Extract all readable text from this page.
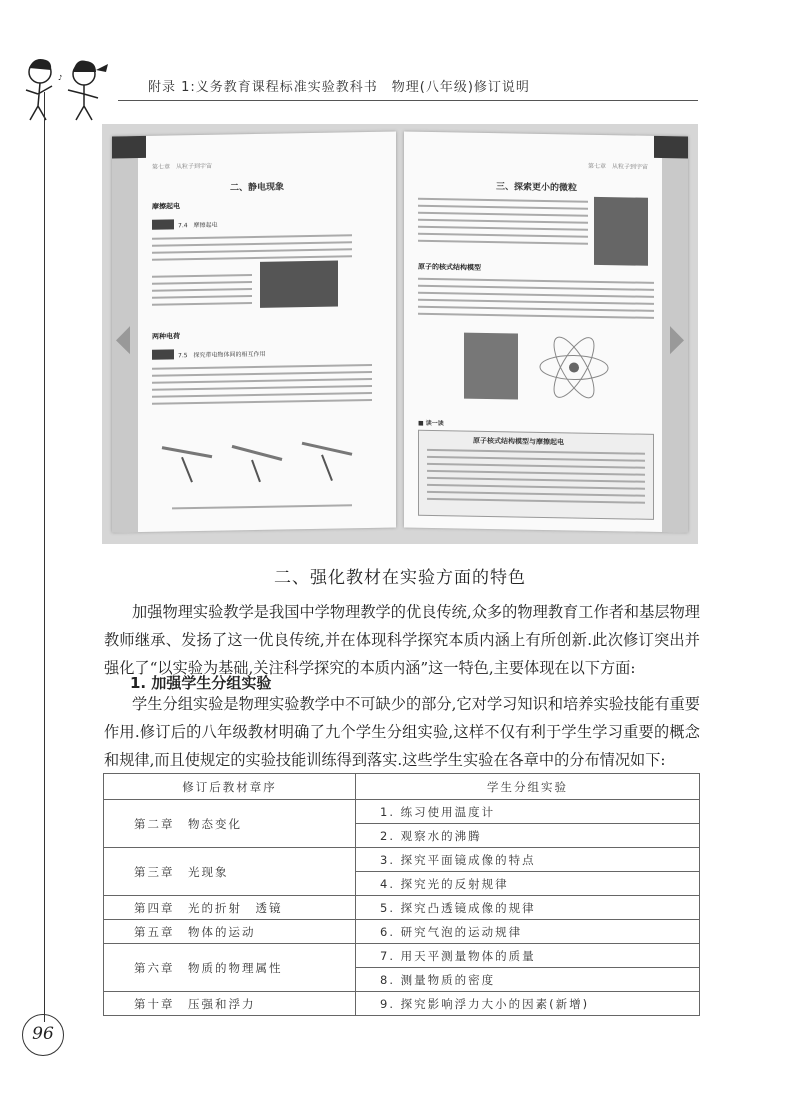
♪
附录 1:义务教育课程标准实验教科书　物理(八年级)修订说明
第七章　从粒子到宇宙
二、静电现象
摩擦起电
7.4　摩擦起电
两种电荷
7.5　探究带电物体间的相互作用
第七章　从粒子到宇宙
三、探索更小的微粒
原子的核式结构模型
■ 读一读
原子核式结构模型与摩擦起电
二、强化教材在实验方面的特色
加强物理实验教学是我国中学物理教学的优良传统,众多的物理教育工作者和基层物理教师继承、发扬了这一优良传统,并在体现科学探究本质内涵上有所创新.此次修订突出并强化了“以实验为基础,关注科学探究的本质内涵”这一特色,主要体现在以下方面:
1. 加强学生分组实验
学生分组实验是物理实验教学中不可缺少的部分,它对学习知识和培养实验技能有重要作用.修订后的八年级教材明确了九个学生分组实验,这样不仅有利于学生学习重要的概念和规律,而且使规定的实验技能训练得到落实.这些学生实验在各章中的分布情况如下:
修订后教材章序	学生分组实验
第二章　物态变化	1. 练习使用温度计
	2. 观察水的沸腾
第三章　光现象	3. 探究平面镜成像的特点
	4. 探究光的反射规律
第四章　光的折射　透镜	5. 探究凸透镜成像的规律
第五章　物体的运动	6. 研究气泡的运动规律
第六章　物质的物理属性	7. 用天平测量物体的质量
	8. 测量物质的密度
第十章　压强和浮力	9. 探究影响浮力大小的因素(新增)
96
